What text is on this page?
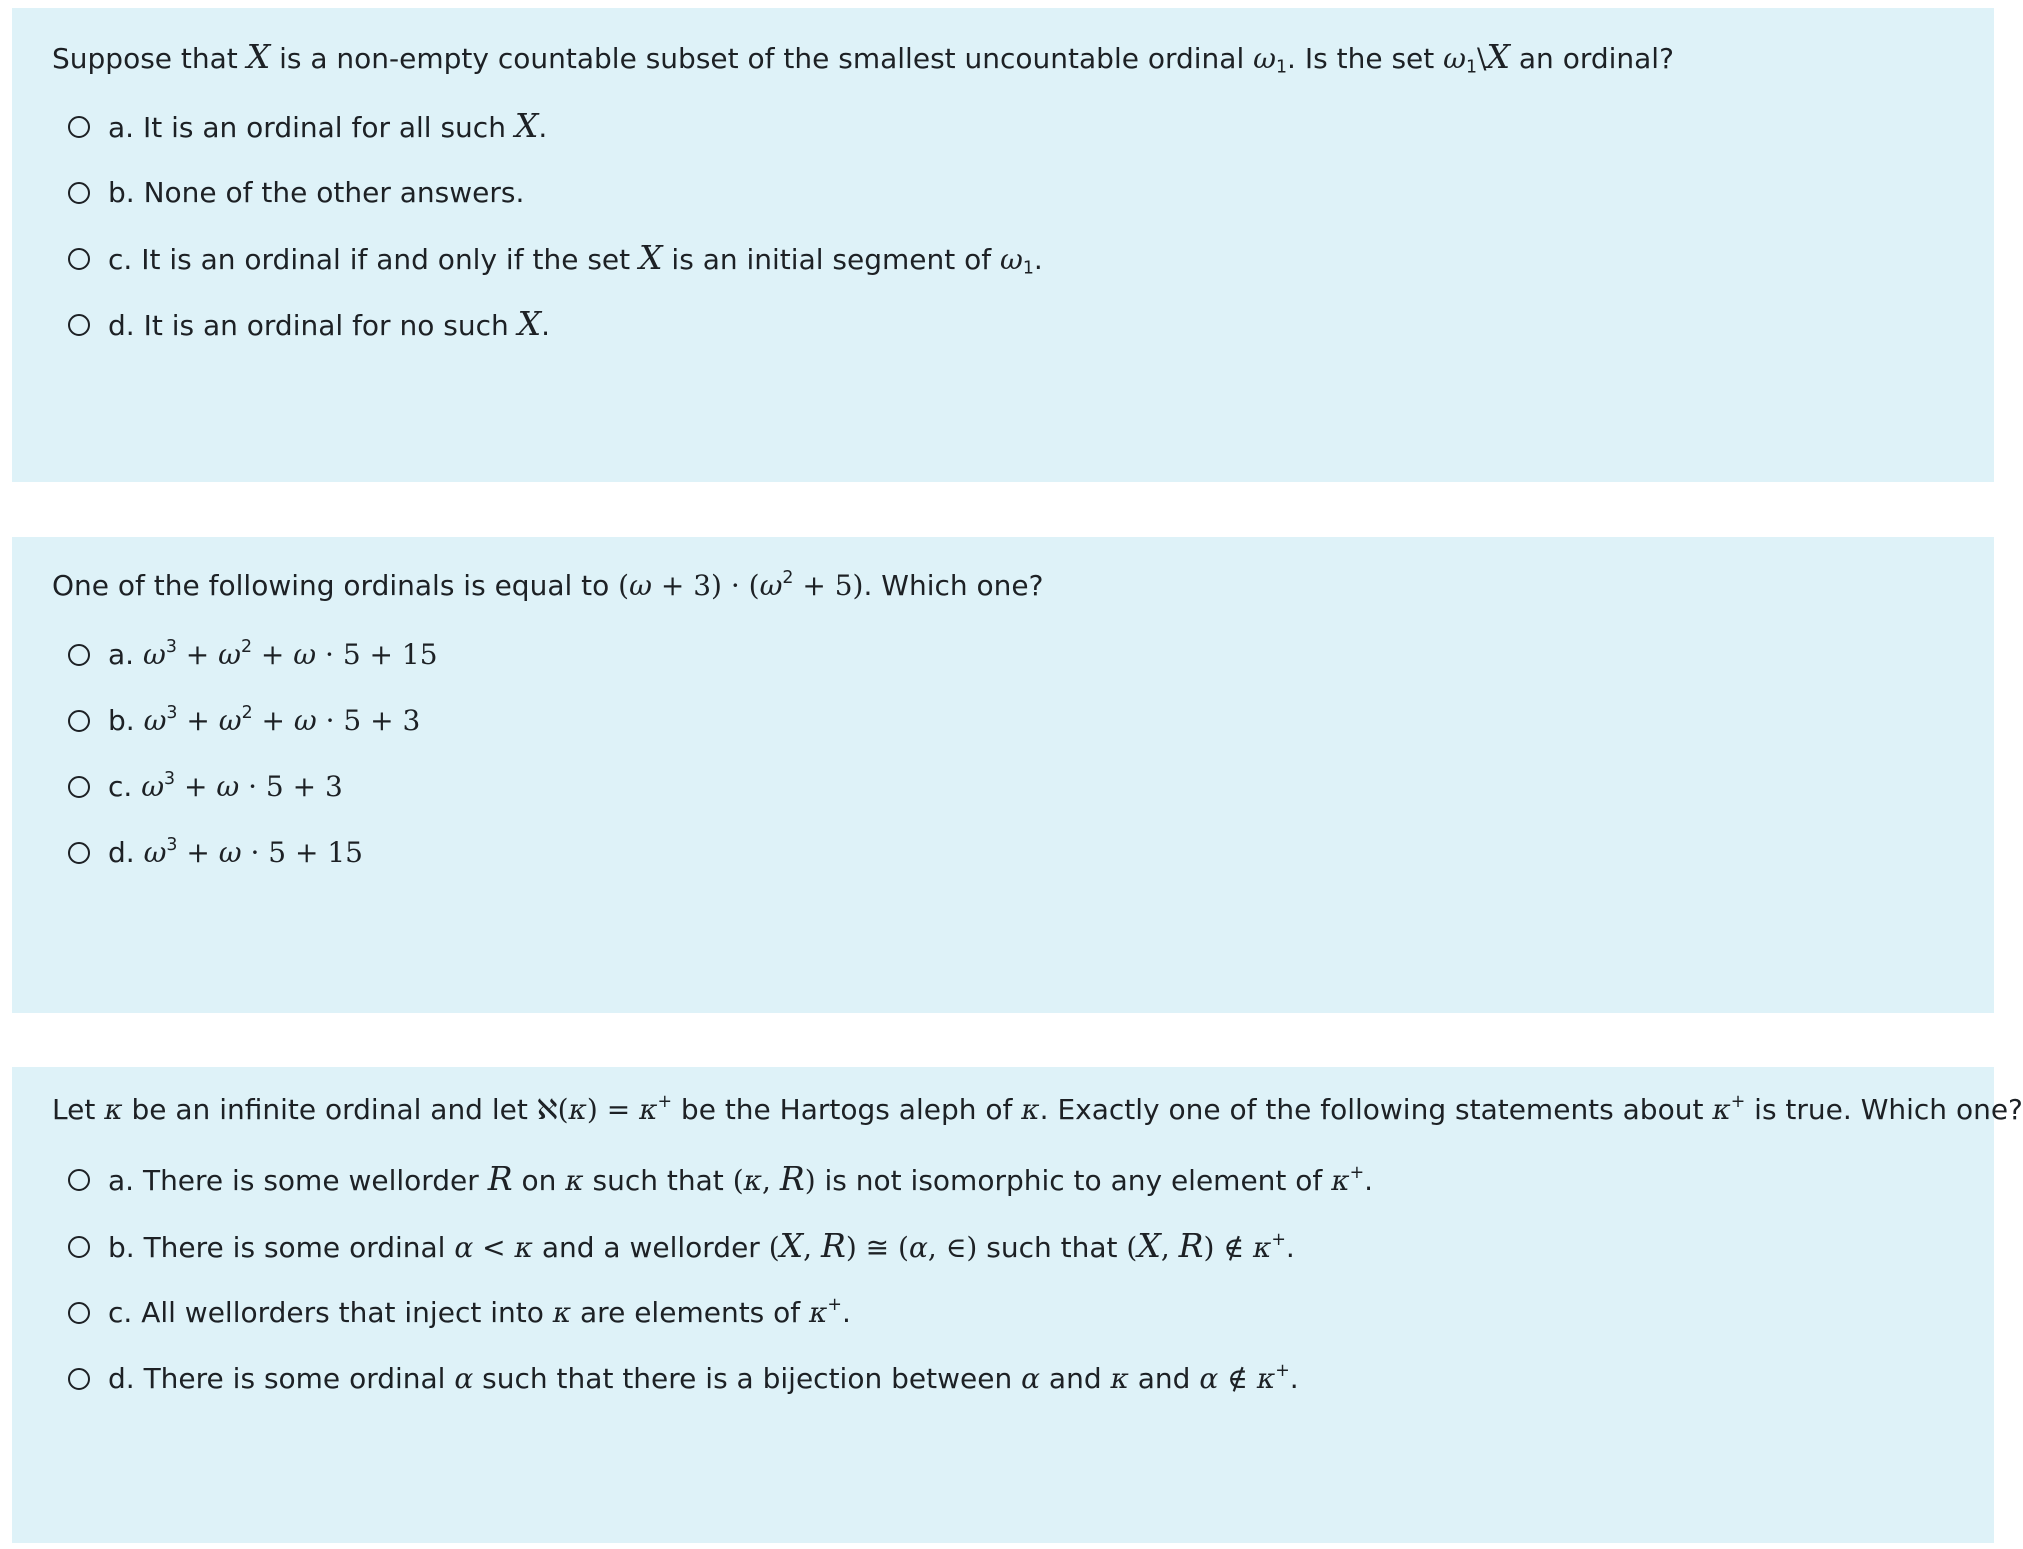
Suppose that X is a non-empty countable subset of the smallest uncountable ordinal $\omega_1$. Is the set $\omega_1\backslash X$ an ordinal?
a. It is an ordinal for all such X.
b. None of the other answers.
c. It is an ordinal if and only if the set X is an initial segment of $\omega_1$.
d. It is an ordinal for no such X.
One of the following ordinals is equal to $(\omega + 3) \cdot (\omega^2 + 5)$. Which one?
a. $\omega^3 + \omega^2 + \omega \cdot 5 + 15$
b. $\omega^3 + \omega^2 + \omega \cdot 5 + 3$
c. $\omega^3 + \omega \cdot 5 + 3$
d. $\omega^3 + \omega \cdot 5 + 15$
Let κ be an infinite ordinal and let ℵ(κ) = κ+ be the Hartogs aleph of κ. Exactly one of the following statements about κ+ is true. Which one?
a. There is some wellorder R on κ such that (κ, R) is not isomorphic to any element of κ+.
b. There is some ordinal α < κ and a wellorder (X, R) ≅ (α, ∈) such that (X, R) ∉ κ+.
c. All wellorders that inject into κ are elements of κ+.
d. There is some ordinal α such that there is a bijection between α and κ and α ∉ κ+.
